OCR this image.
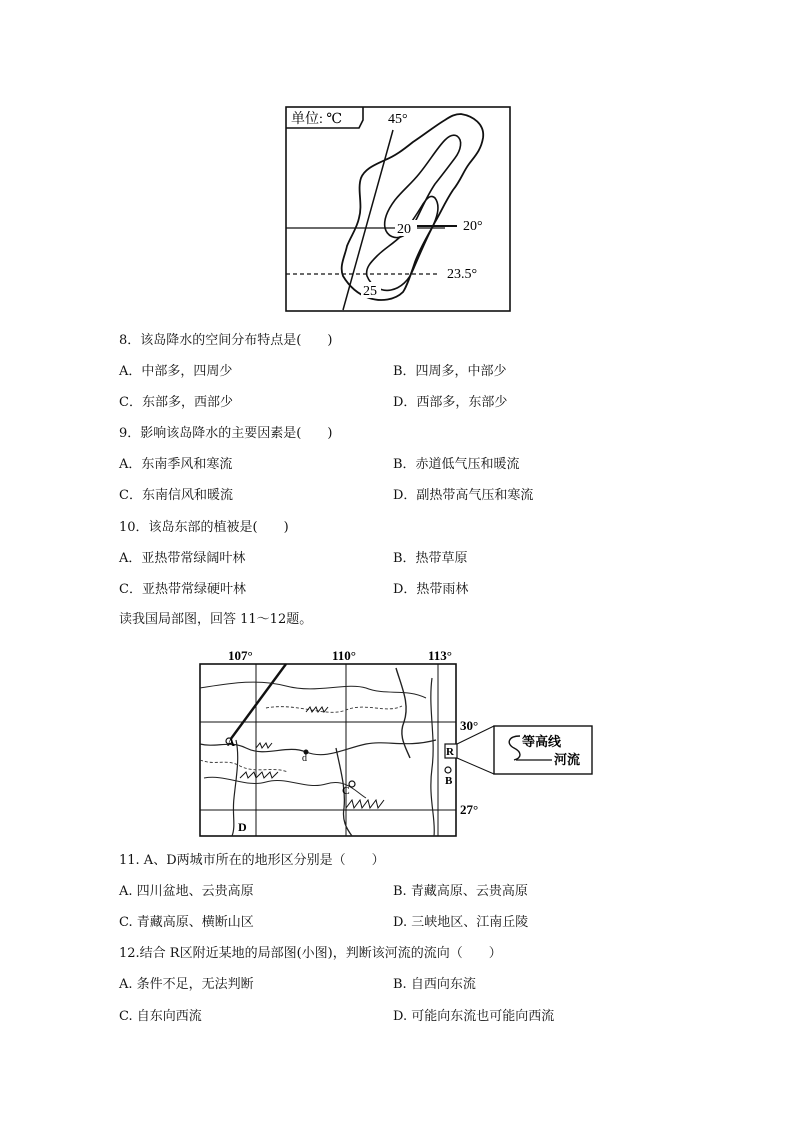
单位: ℃	45°
20°
23.5°
20
25
8．该岛降水的空间分布特点是(　　)
A．中部多，四周少	B．四周多，中部少
C．东部多，西部少	D．西部多，东部少
9．影响该岛降水的主要因素是(　　)
A．东南季风和寒流	B．赤道低气压和暖流
C．东南信风和暖流	D．副热带高气压和寒流
10．该岛东部的植被是(　　)
A．亚热带常绿阔叶林	B．热带草原
C．亚热带常绿硬叶林	D．热带雨林
读我国局部图，回答 11～12题。
107°	110°	113°
30°
27°
A
d
C
B
D
R
等高线
河流
11. A、D两城市所在的地形区分别是（　　）
A. 四川盆地、云贵高原	B. 青藏高原、云贵高原
C. 青藏高原、横断山区	D. 三峡地区、江南丘陵
12.结合 R区附近某地的局部图(小图)，判断该河流的流向（　　）
A. 条件不足，无法判断	B. 自西向东流
C. 自东向西流	D. 可能向东流也可能向西流
